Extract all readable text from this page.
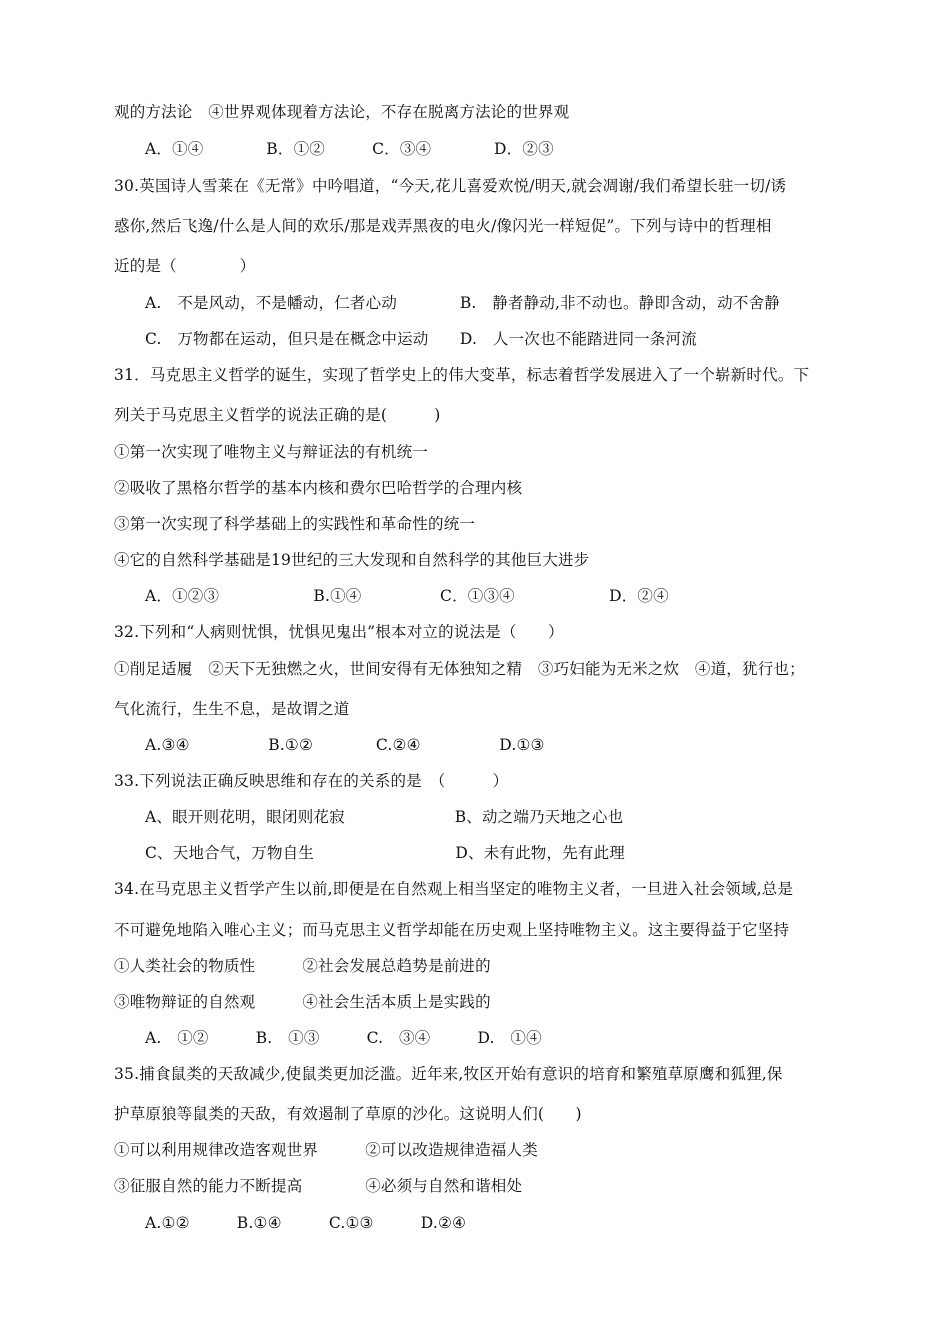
观的方法论　④世界观体现着方法论，不存在脱离方法论的世界观
A．①④　　　　B．①②　　　C．③④　　　　D．②③
30.英国诗人雪莱在《无常》中吟唱道，“今天,花儿喜爱欢悦/明天,就会凋谢/我们希望长驻一切/诱
惑你,然后飞逸/什么是人间的欢乐/那是戏弄黑夜的电火/像闪光一样短促”。下列与诗中的哲理相
近的是（　　　　）
A.　不是风动，不是幡动，仁者心动　　　　B.　静者静动,非不动也。静即含动，动不舍静
C.　万物都在运动，但只是在概念中运动　　D.　人一次也不能踏进同一条河流
31．马克思主义哲学的诞生，实现了哲学史上的伟大变革，标志着哲学发展进入了一个崭新时代。下
列关于马克思主义哲学的说法正确的是(　　　)
①第一次实现了唯物主义与辩证法的有机统一
②吸收了黑格尔哲学的基本内核和费尔巴哈哲学的合理内核
③第一次实现了科学基础上的实践性和革命性的统一
④它的自然科学基础是19世纪的三大发现和自然科学的其他巨大进步
A．①②③　　　　　　B.①④　　　　　C．①③④　　　　　　D．②④
32.下列和“人病则忧惧，忧惧见鬼出”根本对立的说法是（　　）
①削足适履　②天下无独燃之火，世间安得有无体独知之精　③巧妇能为无米之炊　④道，犹行也；
气化流行，生生不息，是故谓之道
A.③④　　　　　B.①②　　　　C.②④　　　　　D.①③
33.下列说法正确反映思维和存在的关系的是　（　　　）
A、眼开则花明，眼闭则花寂　　　　　　　B、动之端乃天地之心也
C、天地合气，万物自生　　　　　　　　　D、未有此物，先有此理
34.在马克思主义哲学产生以前,即便是在自然观上相当坚定的唯物主义者，一旦进入社会领域,总是
不可避免地陷入唯心主义；而马克思主义哲学却能在历史观上坚持唯物主义。这主要得益于它坚持
①人类社会的物质性　　　②社会发展总趋势是前进的
③唯物辩证的自然观　　　④社会生活本质上是实践的
A.　①②　　　B.　①③　　　C.　③④　　　D.　①④
35.捕食鼠类的天敌减少,使鼠类更加泛滥。近年来,牧区开始有意识的培育和繁殖草原鹰和狐狸,保
护草原狼等鼠类的天敌，有效遏制了草原的沙化。这说明人们(　　)
①可以利用规律改造客观世界　　　②可以改造规律造福人类
③征服自然的能力不断提高　　　　④必须与自然和谐相处
A.①②　　　B.①④　　　C.①③　　　D.②④
